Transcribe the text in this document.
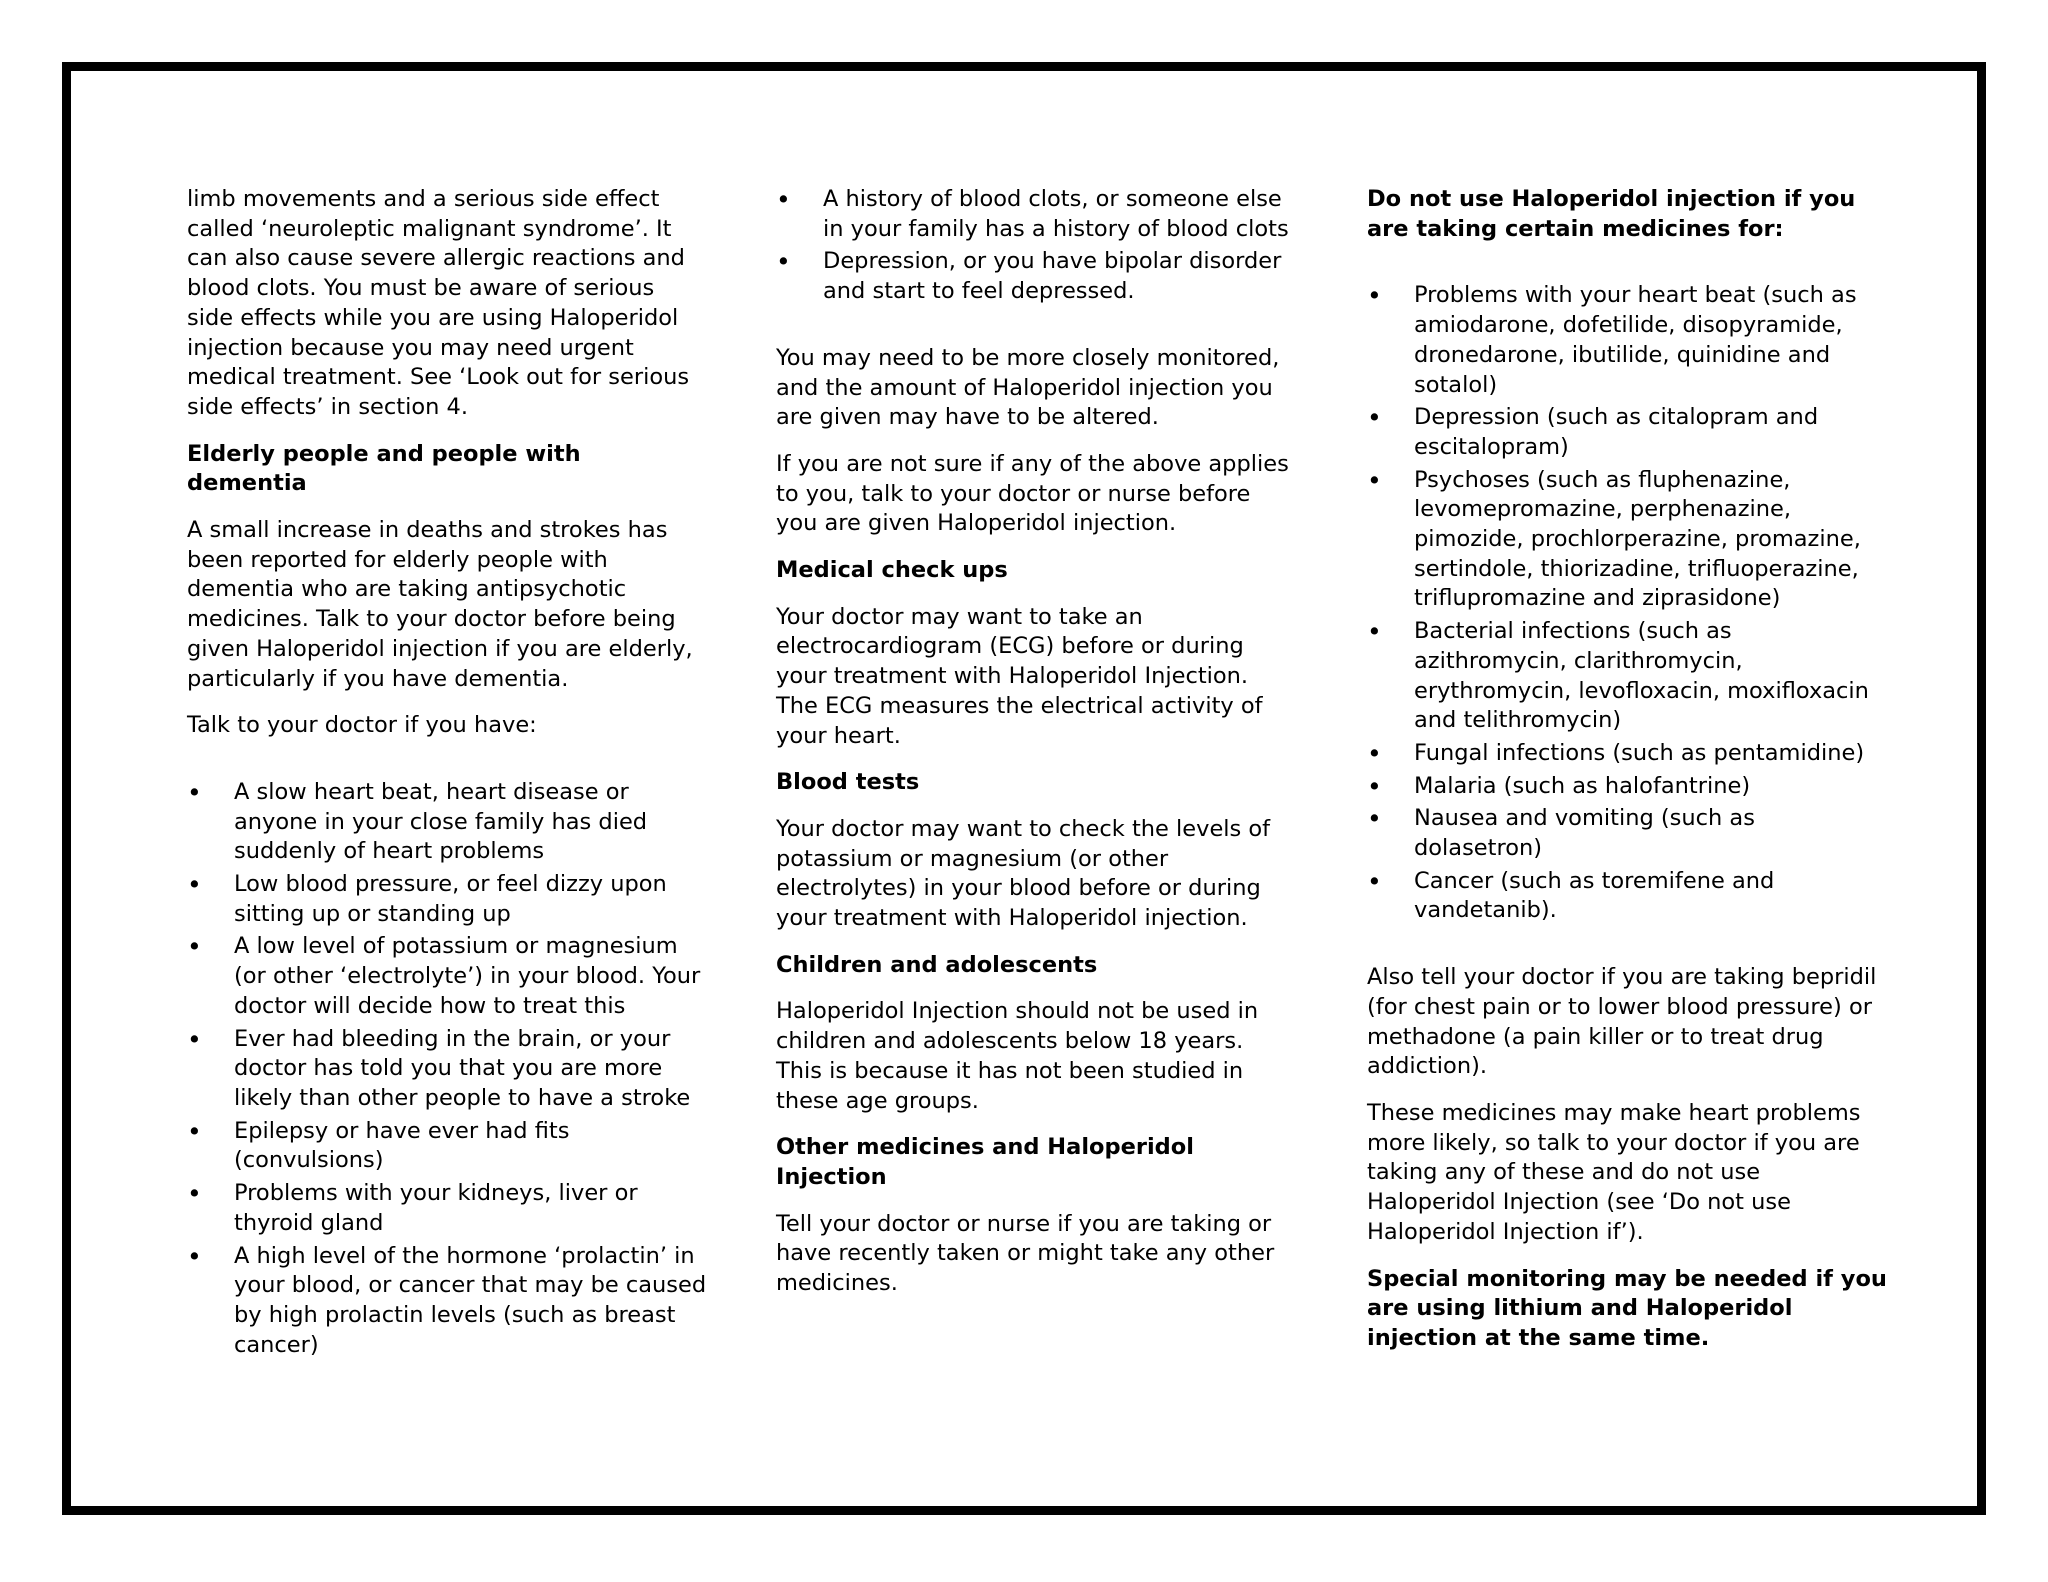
limb movements and a serious side effect called ‘neuroleptic malignant syndrome’. It can also cause severe allergic reactions and blood clots. You must be aware of serious side effects while you are using Haloperidol injection because you may need urgent medical treatment. See ‘Look out for serious side effects’ in section 4.

Elderly people and people with dementia

A small increase in deaths and strokes has been reported for elderly people with dementia who are taking antipsychotic medicines. Talk to your doctor before being given Haloperidol injection if you are elderly, particularly if you have dementia.

Talk to your doctor if you have:

• A slow heart beat, heart disease or anyone in your close family has died suddenly of heart problems
• Low blood pressure, or feel dizzy upon sitting up or standing up
• A low level of potassium or magnesium (or other ‘electrolyte’) in your blood. Your doctor will decide how to treat this
• Ever had bleeding in the brain, or your doctor has told you that you are more likely than other people to have a stroke
• Epilepsy or have ever had fits (convulsions)
• Problems with your kidneys, liver or thyroid gland
• A high level of the hormone ‘prolactin’ in your blood, or cancer that may be caused by high prolactin levels (such as breast cancer)
• A history of blood clots, or someone else in your family has a history of blood clots
• Depression, or you have bipolar disorder and start to feel depressed.

You may need to be more closely monitored, and the amount of Haloperidol injection you are given may have to be altered.

If you are not sure if any of the above applies to you, talk to your doctor or nurse before you are given Haloperidol injection.

Medical check ups

Your doctor may want to take an electrocardiogram (ECG) before or during your treatment with Haloperidol Injection. The ECG measures the electrical activity of your heart.

Blood tests

Your doctor may want to check the levels of potassium or magnesium (or other electrolytes) in your blood before or during your treatment with Haloperidol injection.

Children and adolescents

Haloperidol Injection should not be used in children and adolescents below 18 years. This is because it has not been studied in these age groups.

Other medicines and Haloperidol Injection

Tell your doctor or nurse if you are taking or have recently taken or might take any other medicines.

Do not use Haloperidol injection if you are taking certain medicines for:
• Problems with your heart beat (such as amiodarone, dofetilide, disopyramide, dronedarone, ibutilide, quinidine and sotalol)
• Depression (such as citalopram and escitalopram)
• Psychoses (such as fluphenazine, levomepromazine, perphenazine, pimozide, prochlorperazine, promazine, sertindole, thiorizadine, trifluoperazine, triflupromazine and ziprasidone)
• Bacterial infections (such as azithromycin, clarithromycin, erythromycin, levofloxacin, moxifloxacin and telithromycin)
• Fungal infections (such as pentamidine)
• Malaria (such as halofantrine)
• Nausea and vomiting (such as dolasetron)
• Cancer (such as toremifene and vandetanib).

Also tell your doctor if you are taking bepridil (for chest pain or to lower blood pressure) or methadone (a pain killer or to treat drug addiction).

These medicines may make heart problems more likely, so talk to your doctor if you are taking any of these and do not use Haloperidol Injection (see ‘Do not use Haloperidol Injection if’).

Special monitoring may be needed if you are using lithium and Haloperidol injection at the same time.
